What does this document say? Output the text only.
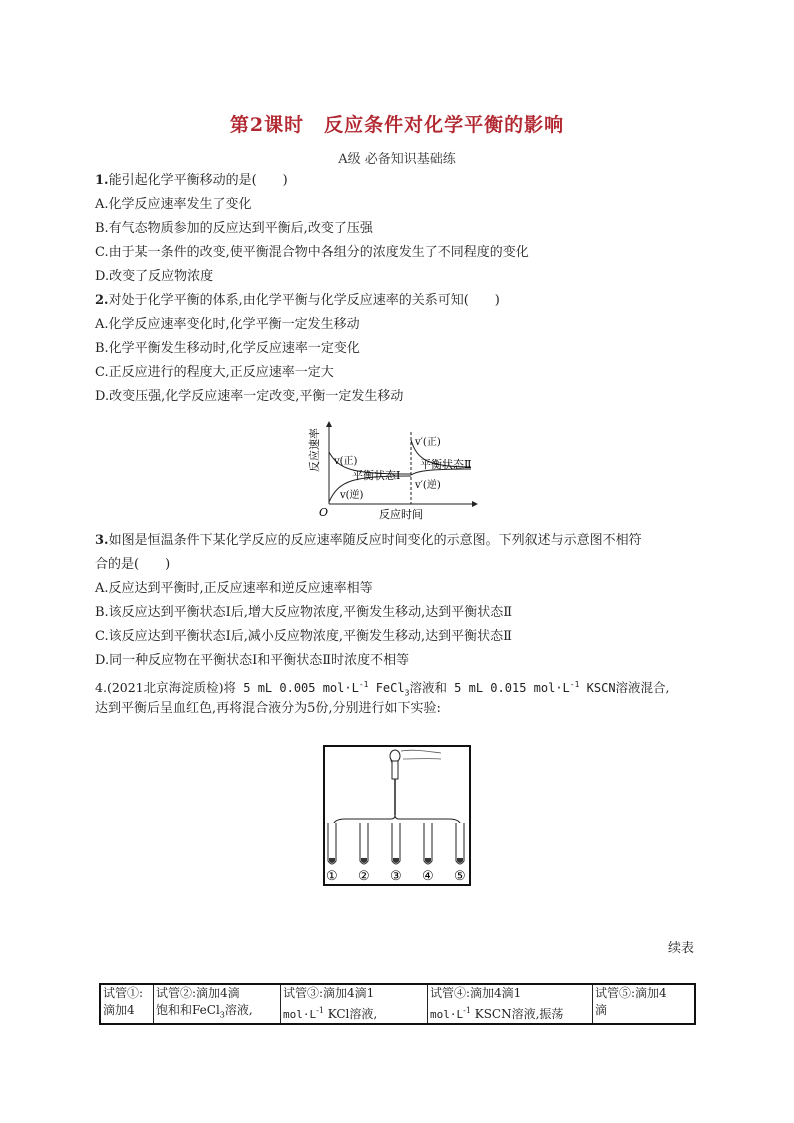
第2课时　反应条件对化学平衡的影响
A级 必备知识基础练
1.能引起化学平衡移动的是(　　)
A.化学反应速率发生了变化
B.有气态物质参加的反应达到平衡后,改变了压强
C.由于某一条件的改变,使平衡混合物中各组分的浓度发生了不同程度的变化
D.改变了反应物浓度
2.对处于化学平衡的体系,由化学平衡与化学反应速率的关系可知(　　)
A.化学反应速率变化时,化学平衡一定发生移动
B.化学平衡发生移动时,化学反应速率一定变化
C.正反应进行的程度大,正反应速率一定大
D.改变压强,化学反应速率一定改变,平衡一定发生移动
反应速率
O	反应时间
v(正)
v(逆)
平衡状态Ⅰ
v′(正)
平衡状态Ⅱ
v′(逆)
3.如图是恒温条件下某化学反应的反应速率随反应时间变化的示意图。下列叙述与示意图不相符
合的是(　　)
A.反应达到平衡时,正反应速率和逆反应速率相等
B.该反应达到平衡状态Ⅰ后,增大反应物浓度,平衡发生移动,达到平衡状态Ⅱ
C.该反应达到平衡状态Ⅰ后,减小反应物浓度,平衡发生移动,达到平衡状态Ⅱ
D.同一种反应物在平衡状态Ⅰ和平衡状态Ⅱ时浓度不相等
4.(2021北京海淀质检)将 5 mL 0.005 $mol\cdot L^{-1}$ FeCl$_3$溶液和 5 mL 0.015 $mol\cdot L^{-1}$ KSCN溶液混合,
达到平衡后呈血红色,再将混合液分为5份,分别进行如下实验:
① ② ③ ④ ⑤
续表
试管①:
滴加4

试管②:滴加4滴
饱和和FeCl$_3$溶液,

试管③:滴加4滴1
$mol\cdot L^{-1}$ KCl溶液,

试管④:滴加4滴1
$mol\cdot L^{-1}$ KSCN溶液,振荡

试管⑤:滴加4
滴
